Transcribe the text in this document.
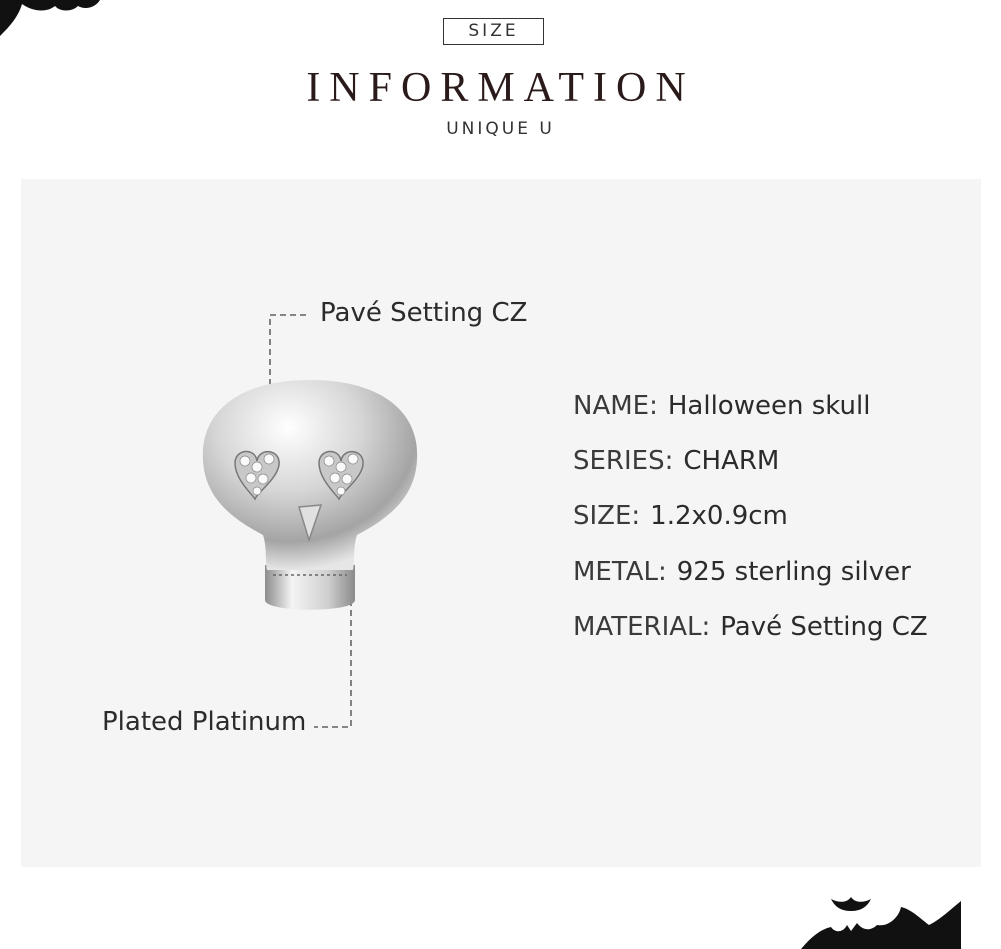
SIZE
INFORMATION
UNIQUE U
Pavé Setting CZ
Plated Platinum
NAME: Halloween skull
SERIES: CHARM
SIZE: 1.2x0.9cm
METAL: 925 sterling silver
MATERIAL: Pavé Setting CZ
